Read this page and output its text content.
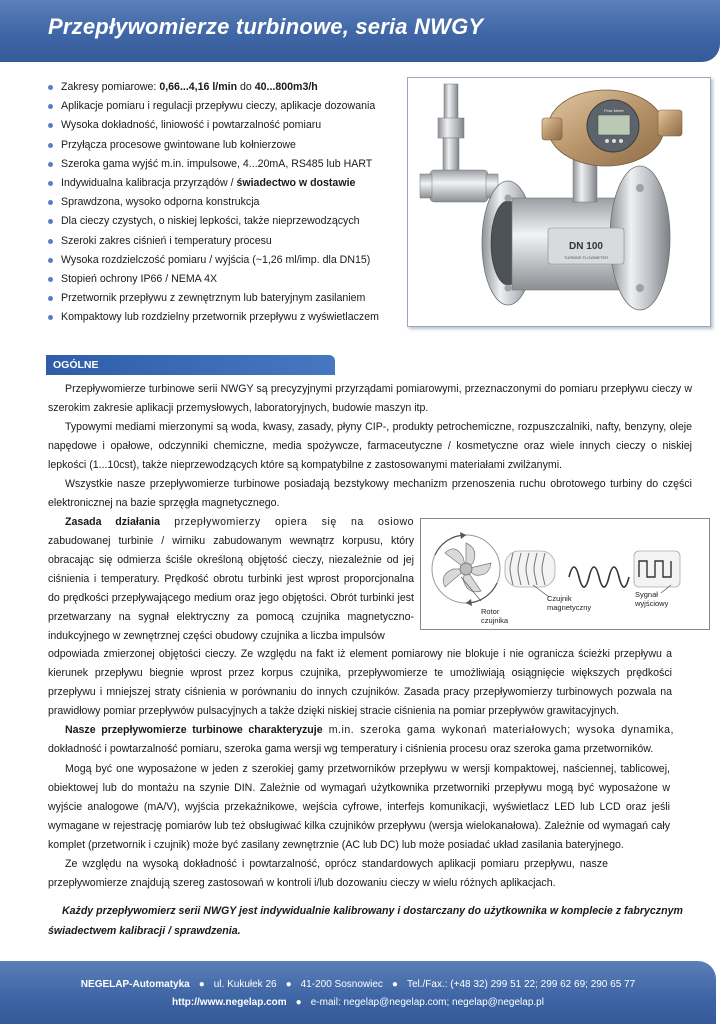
Przepływomierze turbinowe, seria NWGY
Zakresy pomiarowe: 0,66...4,16 l/min do 40...800m3/h
Aplikacje pomiaru i regulacji przepływu cieczy, aplikacje dozowania
Wysoka dokładność, liniowość i powtarzalność pomiaru
Przyłącza procesowe gwintowane lub kołnierzowe
Szeroka gama wyjść m.in. impulsowe, 4...20mA, RS485 lub HART
Indywidualna kalibracja przyrządów / świadectwo w dostawie
Sprawdzona, wysoko odporna konstrukcja
Dla cieczy czystych, o niskiej lepkości, także nieprzewodzących
Szeroki zakres ciśnień i temperatury procesu
Wysoka rozdzielczość pomiaru / wyjścia (~1,26 ml/imp. dla DN15)
Stopień ochrony IP66 / NEMA 4X
Przetwornik przepływu z zewnętrznym lub bateryjnym zasilaniem
Kompaktowy lub rozdzielny przetwornik przepływu z wyświetlaczem
DN 100
TURBINE FLOWMETER
Flow Meter
OGÓLNE

Przepływomierze turbinowe serii NWGY są precyzyjnymi przyrządami pomiarowymi, przeznaczonymi do pomiaru przepływu cieczy w szerokim zakresie aplikacji przemysłowych, laboratoryjnych, budowie maszyn itp.

Typowymi mediami mierzonymi są woda, kwasy, zasady, płyny CIP-, produkty petrochemiczne, rozpuszczalniki, nafty, benzyny, oleje napędowe i opałowe, odczynniki chemiczne, media spożywcze, farmaceutyczne / kosmetyczne oraz wiele innych cieczy o niskiej lepkości (1...10cst), także nieprzewodzących które są kompatybilne z zastosowanymi materiałami zwilżanymi.

Wszystkie nasze przepływomierze turbinowe posiadają bezstykowy mechanizm przenoszenia ruchu obrotowego turbiny do części elektronicznej na bazie sprzęgła magnetycznego.

Zasada działania przepływomierzy opiera się na osiowo zabudowanej turbinie / wirniku zabudowanym wewnątrz korpusu, który obracając się odmierza ściśle określoną objętość cieczy, niezależnie od jej ciśnienia i temperatury. Prędkość obrotu turbinki jest wprost proporcjonalna do prędkości przepływającego medium oraz jego objętości. Obrót turbinki jest przetwarzany na sygnał elektryczny za pomocą czujnika magnetyczno-indukcyjnego w zewnętrznej części obudowy czujnika a liczba impulsów

Rotor
czujnika
Czujnik
magnetyczny
Sygnał
wyjściowy

odpowiada zmierzonej objętości cieczy. Ze względu na fakt iż element pomiarowy nie blokuje i nie ogranicza ścieżki przepływu a kierunek przepływu biegnie wprost przez korpus czujnika, przepływomierze te umożliwiają osiągnięcie większych prędkości przepływu i mniejszej straty ciśnienia w porównaniu do innych czujników. Zasada pracy przepływomierzy turbinowych pozwala na prawidłowy pomiar przepływów pulsacyjnych a także dzięki niskiej stracie ciśnienia na pomiar przepływów grawitacyjnych.

Nasze przepływomierze turbinowe charakteryzuje m.in. szeroka gama wykonań materiałowych; wysoka dynamika, dokładność i powtarzalność pomiaru, szeroka gama wersji wg temperatury i ciśnienia procesu oraz szeroka gama przetworników.

Mogą być one wyposażone w jeden z szerokiej gamy przetworników przepływu w wersji kompaktowej, naściennej, tablicowej, obiektowej lub do montażu na szynie DIN. Zależnie od wymagań użytkownika przetworniki przepływu mogą być wyposażone w wyjście analogowe (mA/V), wyjścia przekaźnikowe, wejścia cyfrowe, interfejs komunikacji, wyświetlacz LED lub LCD oraz jeśli wymagane w rejestrację pomiarów lub też obsługiwać kilka czujników przepływu (wersja wielokanałowa). Zależnie od wymagań cały komplet (przetwornik i czujnik) może być zasilany zewnętrznie (AC lub DC) lub może posiadać układ zasilania bateryjnego.

Ze względu na wysoką dokładność i powtarzalność, oprócz standardowych aplikacji pomiaru przepływu, nasze przepływomierze znajdują szereg zastosowań w kontroli i/lub dozowaniu cieczy w wielu różnych aplikacjach.

Każdy przepływomierz serii NWGY jest indywidualnie kalibrowany i dostarczany do użytkownika w komplecie z fabrycznym świadectwem kalibracji / sprawdzenia.

NEGELAP-Automatyka ● ul. Kukułek 26 ● 41-200 Sosnowiec ● Tel./Fax.: (+48 32) 299 51 22; 299 62 69; 290 65 77
http://www.negelap.com ● e-mail: negelap@negelap.com; negelap@negelap.pl
